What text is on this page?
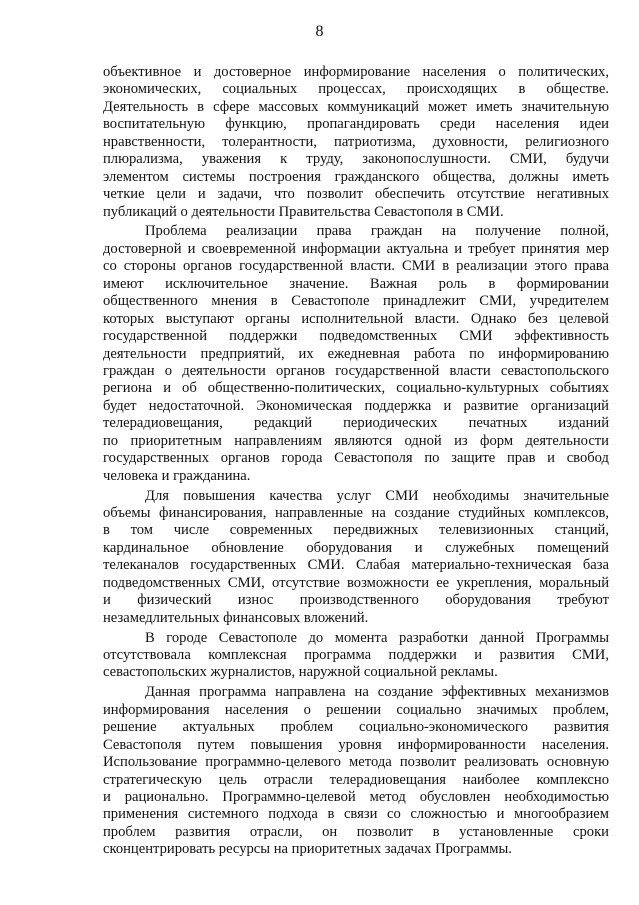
8
объективное и достоверное информирование населения о политических,
экономических, социальных процессах, происходящих в обществе.
Деятельность в сфере массовых коммуникаций может иметь значительную
воспитательную функцию, пропагандировать среди населения идеи
нравственности, толерантности, патриотизма, духовности, религиозного
плюрализма, уважения к труду, законопослушности. СМИ, будучи
элементом системы построения гражданского общества, должны иметь
четкие цели и задачи, что позволит обеспечить отсутствие негативных
публикаций о деятельности Правительства Севастополя в СМИ.
Проблема реализации права граждан на получение полной,
достоверной и своевременной информации актуальна и требует принятия мер
со стороны органов государственной власти. СМИ в реализации этого права
имеют исключительное значение. Важная роль в формировании
общественного мнения в Севастополе принадлежит СМИ, учредителем
которых выступают органы исполнительной власти. Однако без целевой
государственной поддержки подведомственных СМИ эффективность
деятельности предприятий, их ежедневная работа по информированию
граждан о деятельности органов государственной власти севастопольского
региона и об общественно-политических, социально-культурных событиях
будет недостаточной. Экономическая поддержка и развитие организаций
телерадиовещания, редакций периодических печатных изданий
по приоритетным направлениям являются одной из форм деятельности
государственных органов города Севастополя по защите прав и свобод
человека и гражданина.
Для повышения качества услуг СМИ необходимы значительные
объемы финансирования, направленные на создание студийных комплексов,
в том числе современных передвижных телевизионных станций,
кардинальное обновление оборудования и служебных помещений
телеканалов государственных СМИ. Слабая материально-техническая база
подведомственных СМИ, отсутствие возможности ее укрепления, моральный
и физический износ производственного оборудования требуют
незамедлительных финансовых вложений.
В городе Севастополе до момента разработки данной Программы
отсутствовала комплексная программа поддержки и развития СМИ,
севастопольских журналистов, наружной социальной рекламы.
Данная программа направлена на создание эффективных механизмов
информирования населения о решении социально значимых проблем,
решение актуальных проблем социально-экономического развития
Севастополя путем повышения уровня информированности населения.
Использование программно-целевого метода позволит реализовать основную
стратегическую цель отрасли телерадиовещания наиболее комплексно
и рационально. Программно-целевой метод обусловлен необходимостью
применения системного подхода в связи со сложностью и многообразием
проблем развития отрасли, он позволит в установленные сроки
сконцентрировать ресурсы на приоритетных задачах Программы.
